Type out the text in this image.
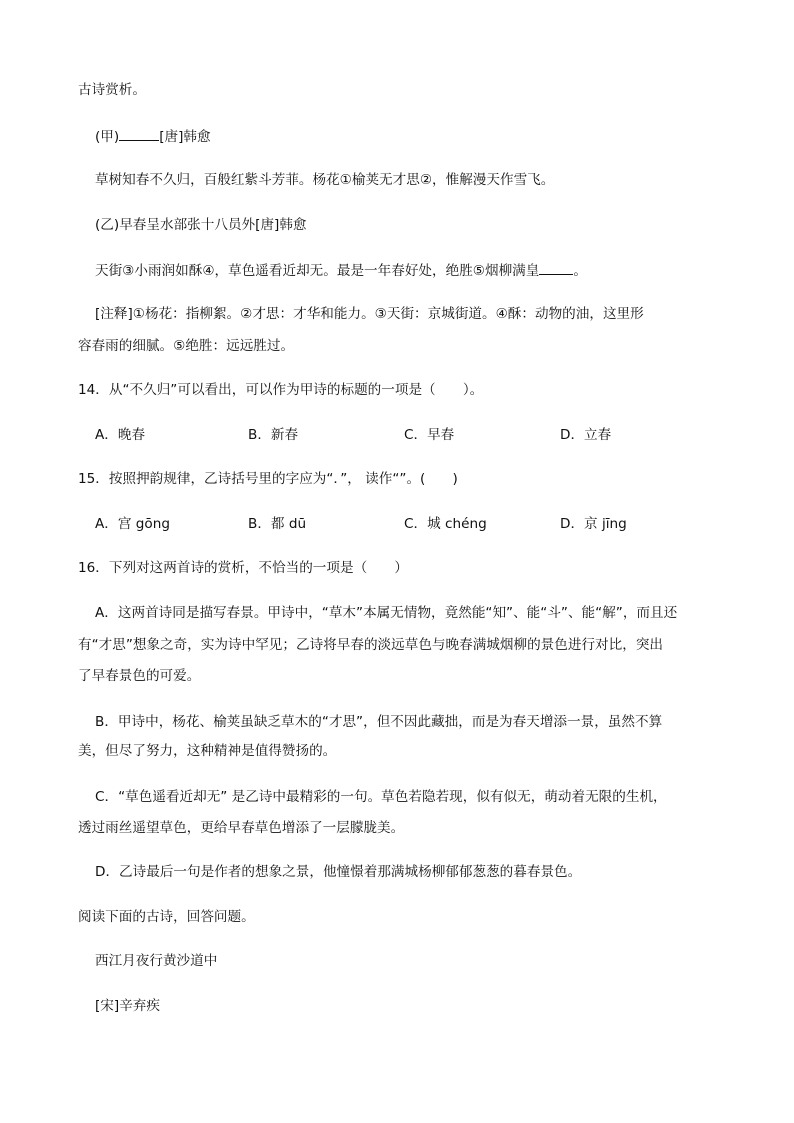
古诗赏析。
(甲)	[唐]韩愈
草树知春不久归，百般红紫斗芳菲。杨花①榆荚无才思②，惟解漫天作雪飞。
(乙)早春呈水部张十八员外[唐]韩愈
天街③小雨润如酥④，草色遥看近却无。最是一年春好处，绝胜⑤烟柳满皇	。
[注释]①杨花：指柳絮。②才思：才华和能力。③天街：京城街道。④酥：动物的油，这里形
容春雨的细腻。⑤绝胜：远远胜过。
14．从“不久归”可以看出，可以作为甲诗的标题的一项是（　　）。
A．晚春	B．新春	C．早春	D．立春
15．按照押韵规律，乙诗括号里的字应为“．”， 读作“”。(　　)
A．宫 gōng	B．都 dū	C．城 chéng	D．京 jīng
16．下列对这两首诗的赏析，不恰当的一项是（　　）
A．这两首诗同是描写春景。甲诗中，“草木”本属无情物，竟然能“知”、能“斗”、能“解”，而且还
有“才思”想象之奇，实为诗中罕见；乙诗将早春的淡远草色与晚春满城烟柳的景色进行对比，突出
了早春景色的可爱。
B．甲诗中，杨花、榆荚虽缺乏草木的“才思”，但不因此藏拙，而是为春天增添一景，虽然不算
美，但尽了努力，这种精神是值得赞扬的。
C．“草色遥看近却无” 是乙诗中最精彩的一句。草色若隐若现，似有似无，萌动着无限的生机，
透过雨丝遥望草色，更给早春草色增添了一层朦胧美。
D．乙诗最后一句是作者的想象之景，他憧憬着那满城杨柳郁郁葱葱的暮春景色。
阅读下面的古诗，回答问题。
西江月夜行黄沙道中
[宋]辛弃疾
